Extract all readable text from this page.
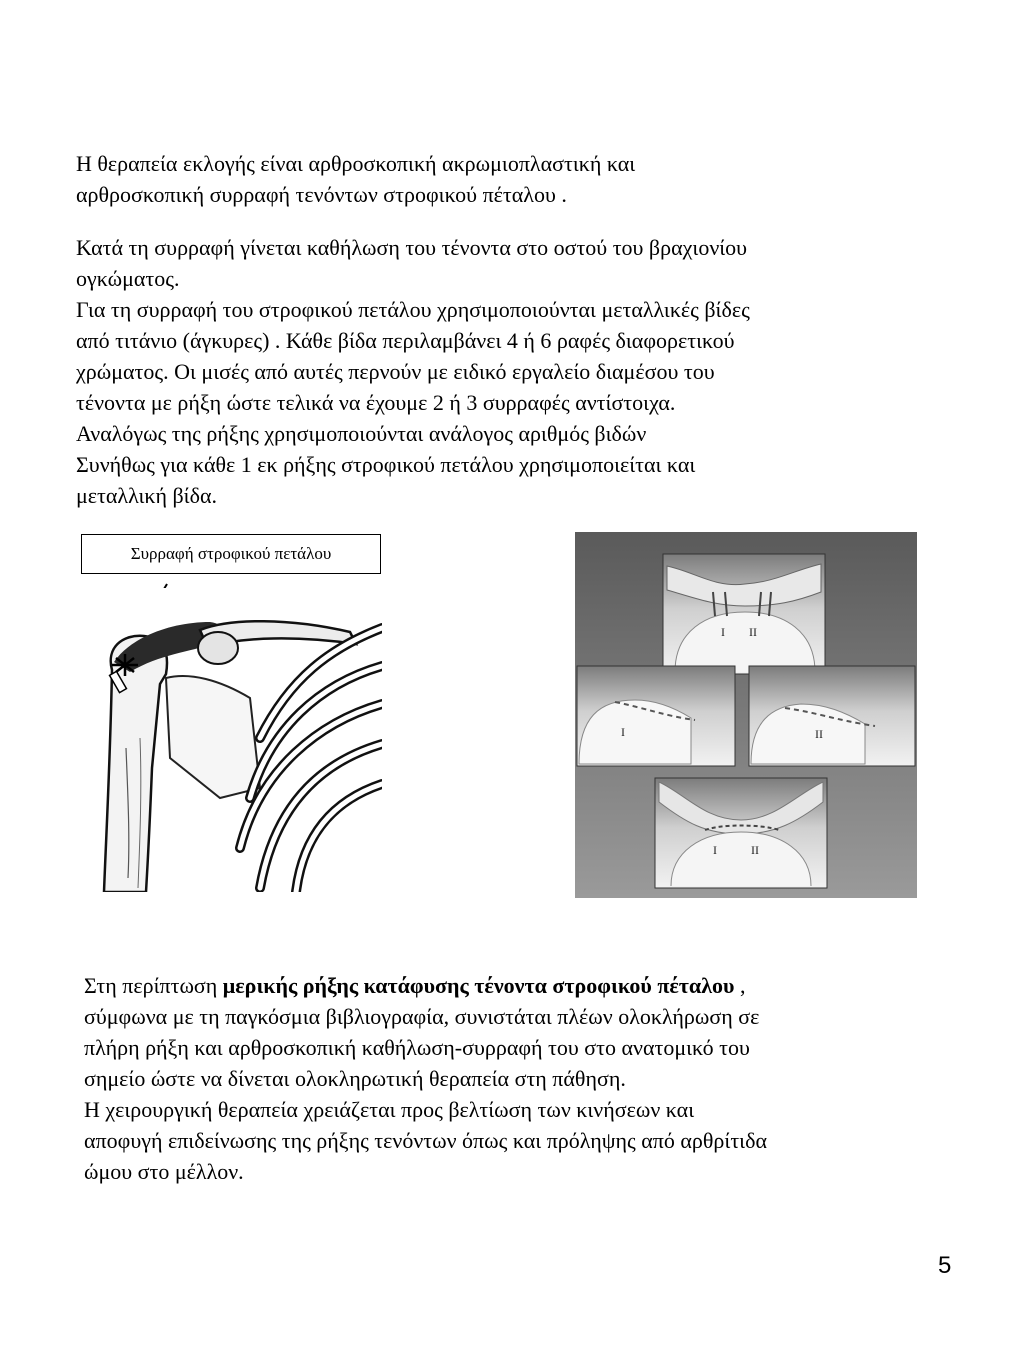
Η θεραπεία εκλογής είναι αρθροσκοπική ακρωμιοπλαστική και
αρθροσκοπική συρραφή τενόντων στροφικού πέταλου .

Κατά τη συρραφή γίνεται καθήλωση του τένοντα στο οστού του βραχιονίου
ογκώματος.
Για τη συρραφή του στροφικού πετάλου χρησιμοποιούνται μεταλλικές βίδες
από τιτάνιο (άγκυρες) . Κάθε βίδα περιλαμβάνει 4 ή 6 ραφές διαφορετικού
χρώματος. Οι μισές από αυτές περνούν με ειδικό εργαλείο διαμέσου του
τένοντα με ρήξη ώστε τελικά να έχουμε 2 ή 3 συρραφές αντίστοιχα.
Αναλόγως της ρήξης χρησιμοποιούνται ανάλογος αριθμός βιδών
Συνήθως για κάθε 1 εκ ρήξης στροφικού πετάλου χρησιμοποιείται και
μεταλλική βίδα.

Συρραφή στροφικού πετάλου
I II
I	II
I	II

Στη περίπτωση μερικής ρήξης κατάφυσης τένοντα στροφικού πέταλου ,
σύμφωνα με τη παγκόσμια βιβλιογραφία, συνιστάται πλέων ολοκλήρωση σε
πλήρη ρήξη και αρθροσκοπική καθήλωση-συρραφή του στο ανατομικό του
σημείο ώστε να δίνεται ολοκληρωτική θεραπεία στη πάθηση.
Η χειρουργική θεραπεία χρειάζεται προς βελτίωση των κινήσεων και
αποφυγή επιδείνωσης της ρήξης τενόντων όπως και πρόληψης από αρθρίτιδα
ώμου στο μέλλον.

5
